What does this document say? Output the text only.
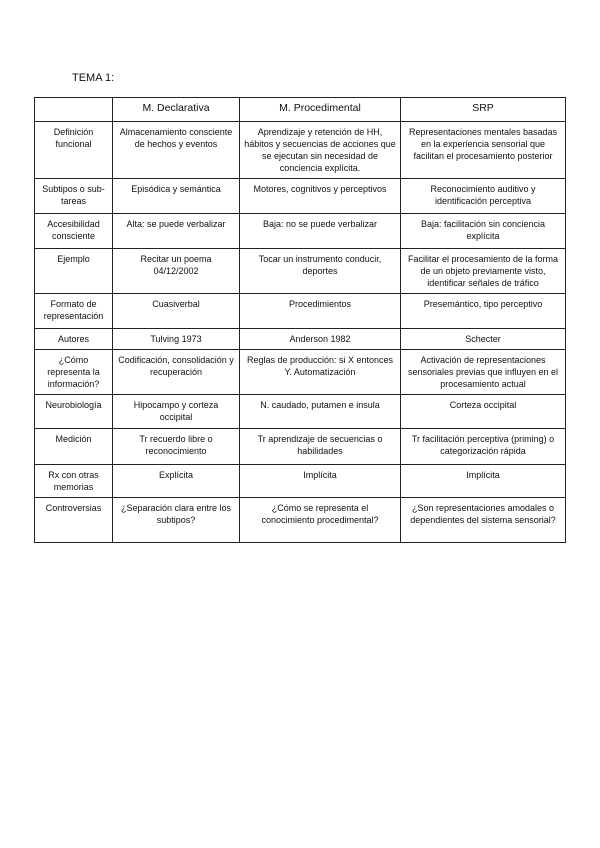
TEMA 1:
	M. Declarativa	M. Procedimental	SRP
Definición funcional	Almacenamiento consciente de hechos y eventos	Aprendizaje y retención de HH, hábitos y secuencias de acciones que se ejecutan sin necesidad de conciencia explícita.	Representaciones mentales basadas en la experiencia sensorial que facilitan el procesamiento posterior
Subtipos o sub-tareas	Episódica y semántica	Motores, cognitivos y perceptivos	Reconocimiento auditivo y identificación perceptiva
Accesibilidad consciente	Alta: se puede verbalizar	Baja: no se puede verbalizar	Baja: facilitación sin conciencia explícita
Ejemplo	Recitar un poema 04/12/2002	Tocar un instrumento conducir, deportes	Facilitar el procesamiento de la forma de un objeto previamente visto, identificar señales de tráfico
Formato de representación	Cuasiverbal	Procedimientos	Presemántico, tipo perceptivo
Autores	Tulving 1973	Anderson 1982	Schecter
¿Cómo representa la información?	Codificación, consolidación y recuperación	Reglas de producción: si X entonces Y. Automatización	Activación de representaciones sensoriales previas que influyen en el procesamiento actual
Neurobiología	Hipocampo y corteza occipital	N. caudado, putamen e insula	Corteza occipital
Medición	Tr recuerdo libre o reconocimiento	Tr aprendizaje de secuencias o habilidades	Tr facilitación perceptiva (priming) o categorización rápida
Rx con otras memorias	Explícita	Implícita	Implícita
Controversias	¿Separación clara entre los subtipos?	¿Cómo se representa el conocimiento procedimental?	¿Son representaciones amodales o dependientes del sistema sensorial?
